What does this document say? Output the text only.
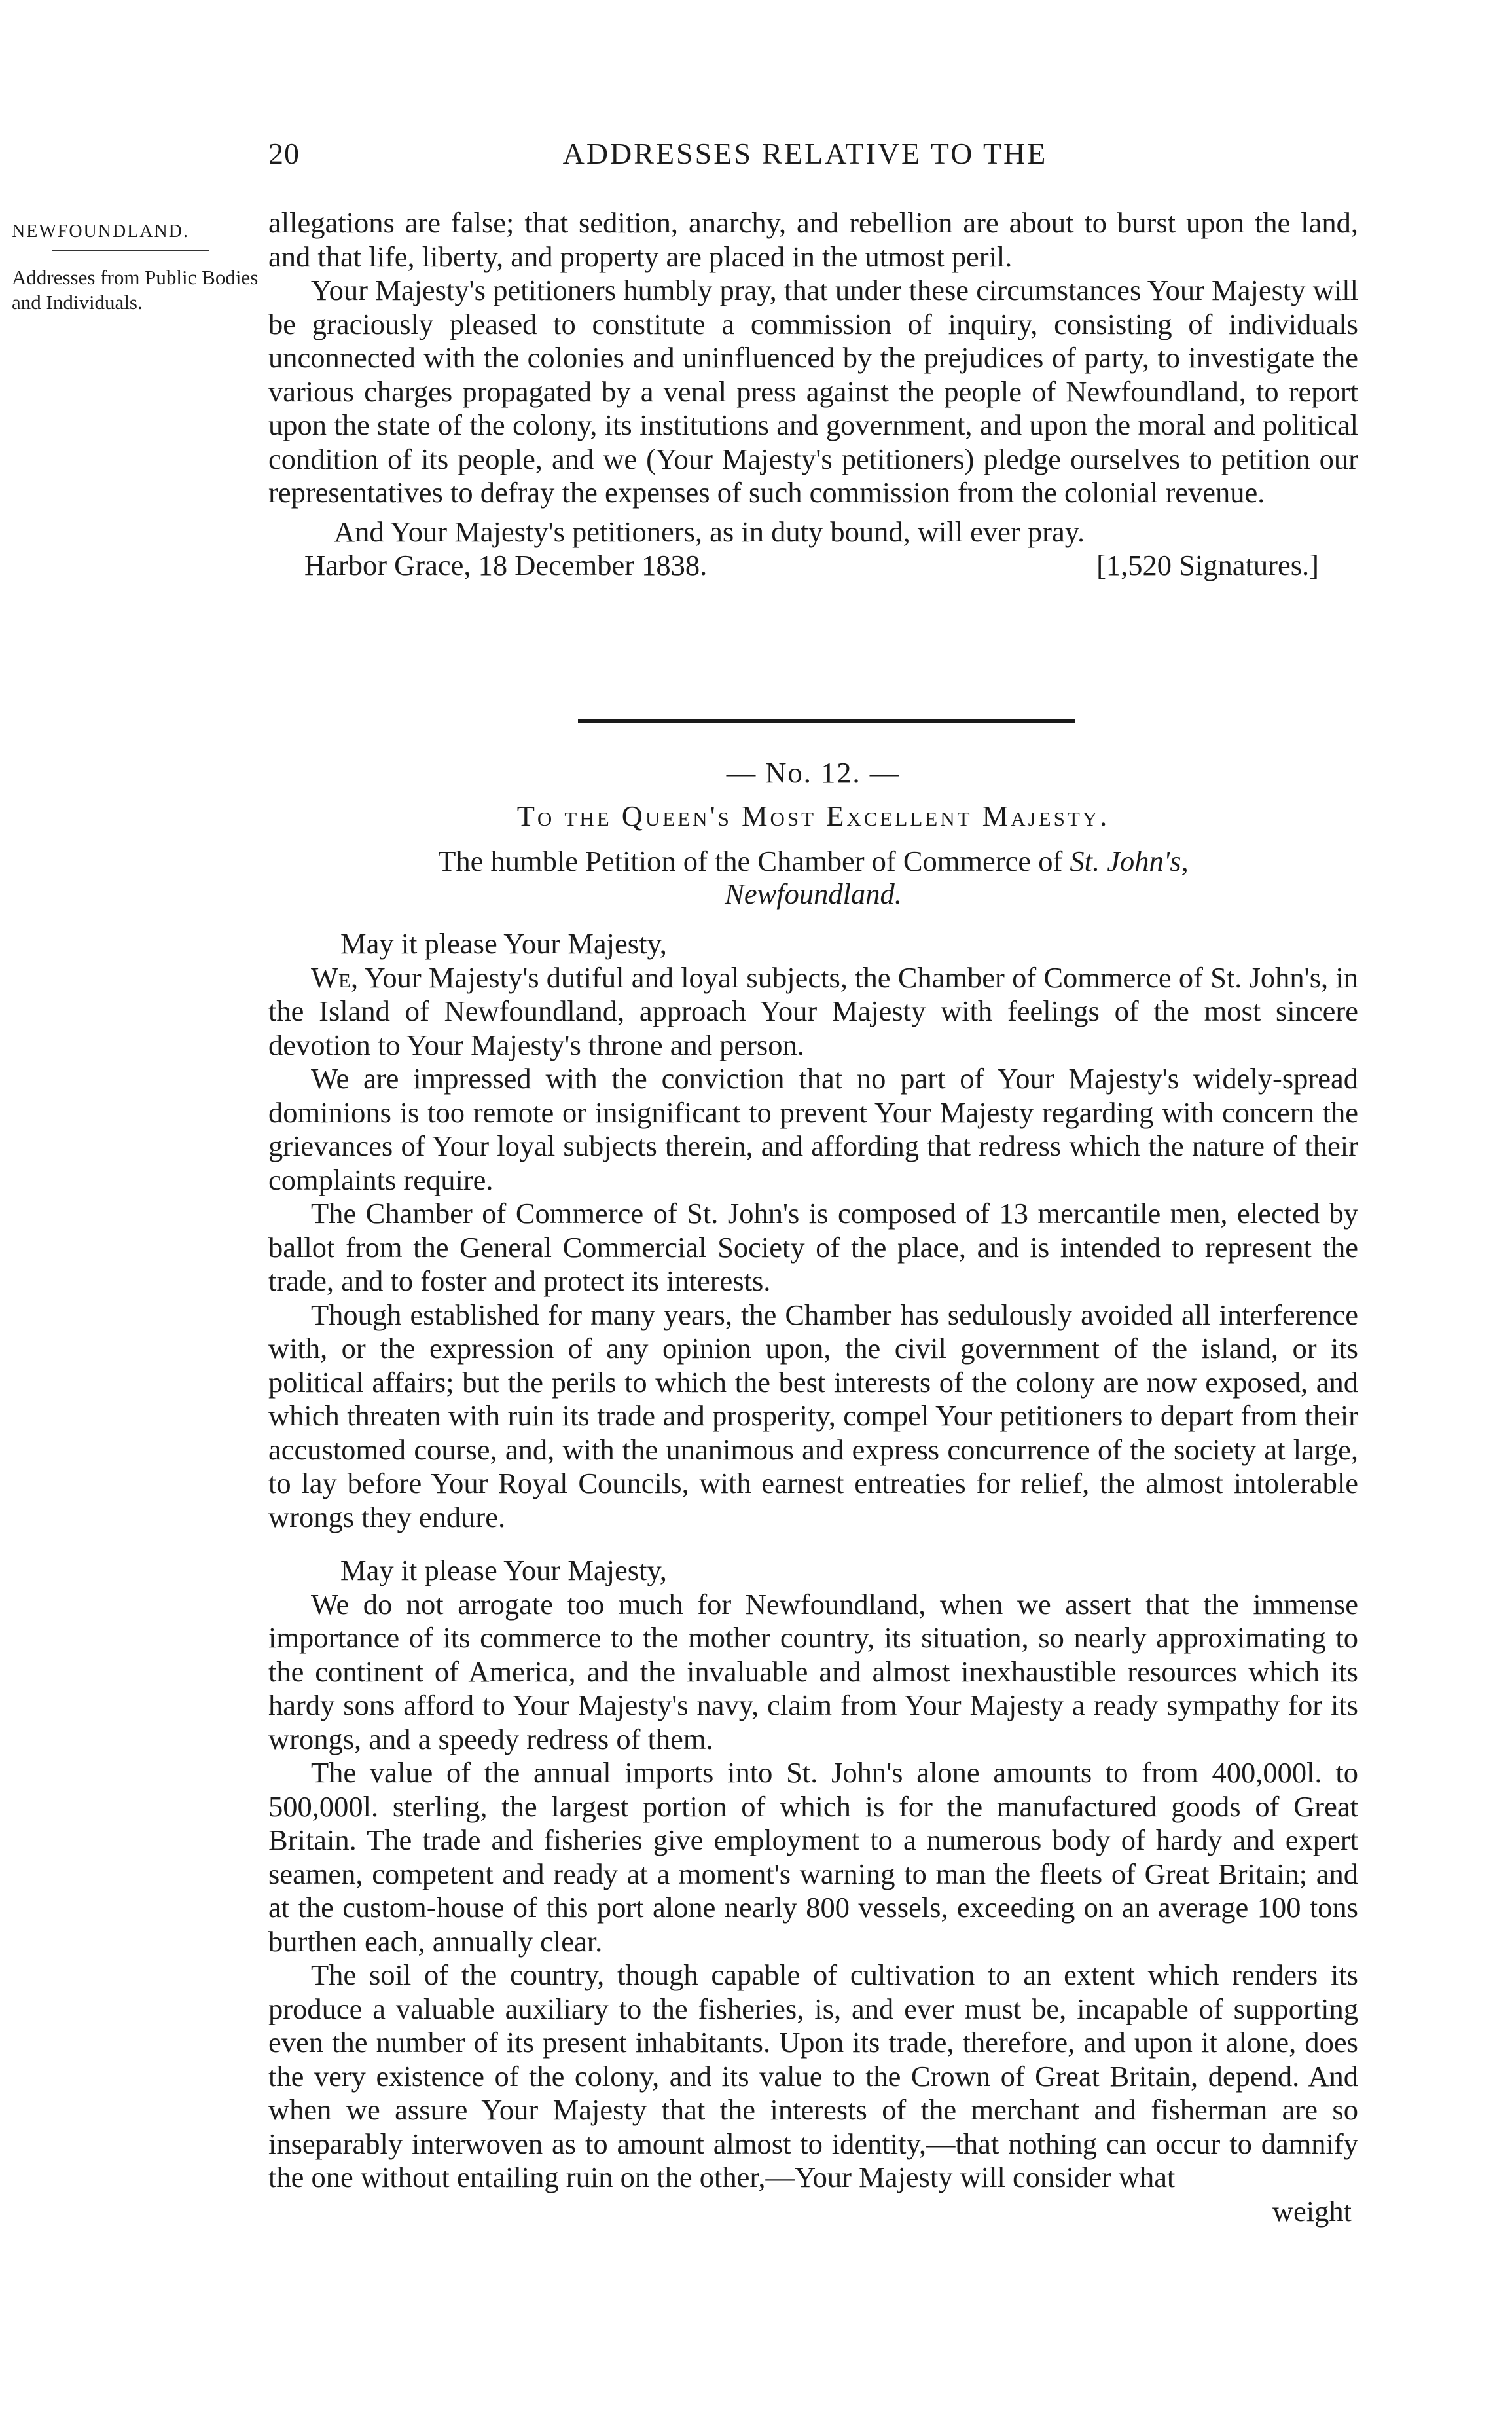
20	ADDRESSES RELATIVE TO THE
NEWFOUNDLAND.
Addresses from Public Bodies and Individuals.

allegations are false; that sedition, anarchy, and rebellion are about to burst upon the land, and that life, liberty, and property are placed in the utmost peril.

Your Majesty's petitioners humbly pray, that under these circumstances Your Majesty will be graciously pleased to constitute a commission of inquiry, consisting of individuals unconnected with the colonies and uninfluenced by the prejudices of party, to investigate the various charges propagated by a venal press against the people of Newfoundland, to report upon the state of the colony, its institutions and government, and upon the moral and political condition of its people, and we (Your Majesty's petitioners) pledge ourselves to petition our representatives to defray the expenses of such commission from the colonial revenue.

And Your Majesty's petitioners, as in duty bound, will ever pray.

Harbor Grace, 18 December 1838.	[1,520 Signatures.]

— No. 12. —

To the Queen's Most Excellent Majesty.

The humble Petition of the Chamber of Commerce of St. John's,
Newfoundland.

May it please Your Majesty,

We, Your Majesty's dutiful and loyal subjects, the Chamber of Commerce of St. John's, in the Island of Newfoundland, approach Your Majesty with feelings of the most sincere devotion to Your Majesty's throne and person.

We are impressed with the conviction that no part of Your Majesty's widely-spread dominions is too remote or insignificant to prevent Your Majesty regarding with concern the grievances of Your loyal subjects therein, and affording that redress which the nature of their complaints require.

The Chamber of Commerce of St. John's is composed of 13 mercantile men, elected by ballot from the General Commercial Society of the place, and is intended to represent the trade, and to foster and protect its interests.

Though established for many years, the Chamber has sedulously avoided all interference with, or the expression of any opinion upon, the civil government of the island, or its political affairs; but the perils to which the best interests of the colony are now exposed, and which threaten with ruin its trade and prosperity, compel Your petitioners to depart from their accustomed course, and, with the unanimous and express concurrence of the society at large, to lay before Your Royal Councils, with earnest entreaties for relief, the almost intolerable wrongs they endure.

May it please Your Majesty,

We do not arrogate too much for Newfoundland, when we assert that the immense importance of its commerce to the mother country, its situation, so nearly approximating to the continent of America, and the invaluable and almost inexhaustible resources which its hardy sons afford to Your Majesty's navy, claim from Your Majesty a ready sympathy for its wrongs, and a speedy redress of them.

The value of the annual imports into St. John's alone amounts to from 400,000l. to 500,000l. sterling, the largest portion of which is for the manufactured goods of Great Britain. The trade and fisheries give employment to a numerous body of hardy and expert seamen, competent and ready at a moment's warning to man the fleets of Great Britain; and at the custom-house of this port alone nearly 800 vessels, exceeding on an average 100 tons burthen each, annually clear.

The soil of the country, though capable of cultivation to an extent which renders its produce a valuable auxiliary to the fisheries, is, and ever must be, incapable of supporting even the number of its present inhabitants. Upon its trade, therefore, and upon it alone, does the very existence of the colony, and its value to the Crown of Great Britain, depend. And when we assure Your Majesty that the interests of the merchant and fisherman are so inseparably interwoven as to amount almost to identity,—that nothing can occur to damnify the one without entailing ruin on the other,—Your Majesty will consider what

weight
